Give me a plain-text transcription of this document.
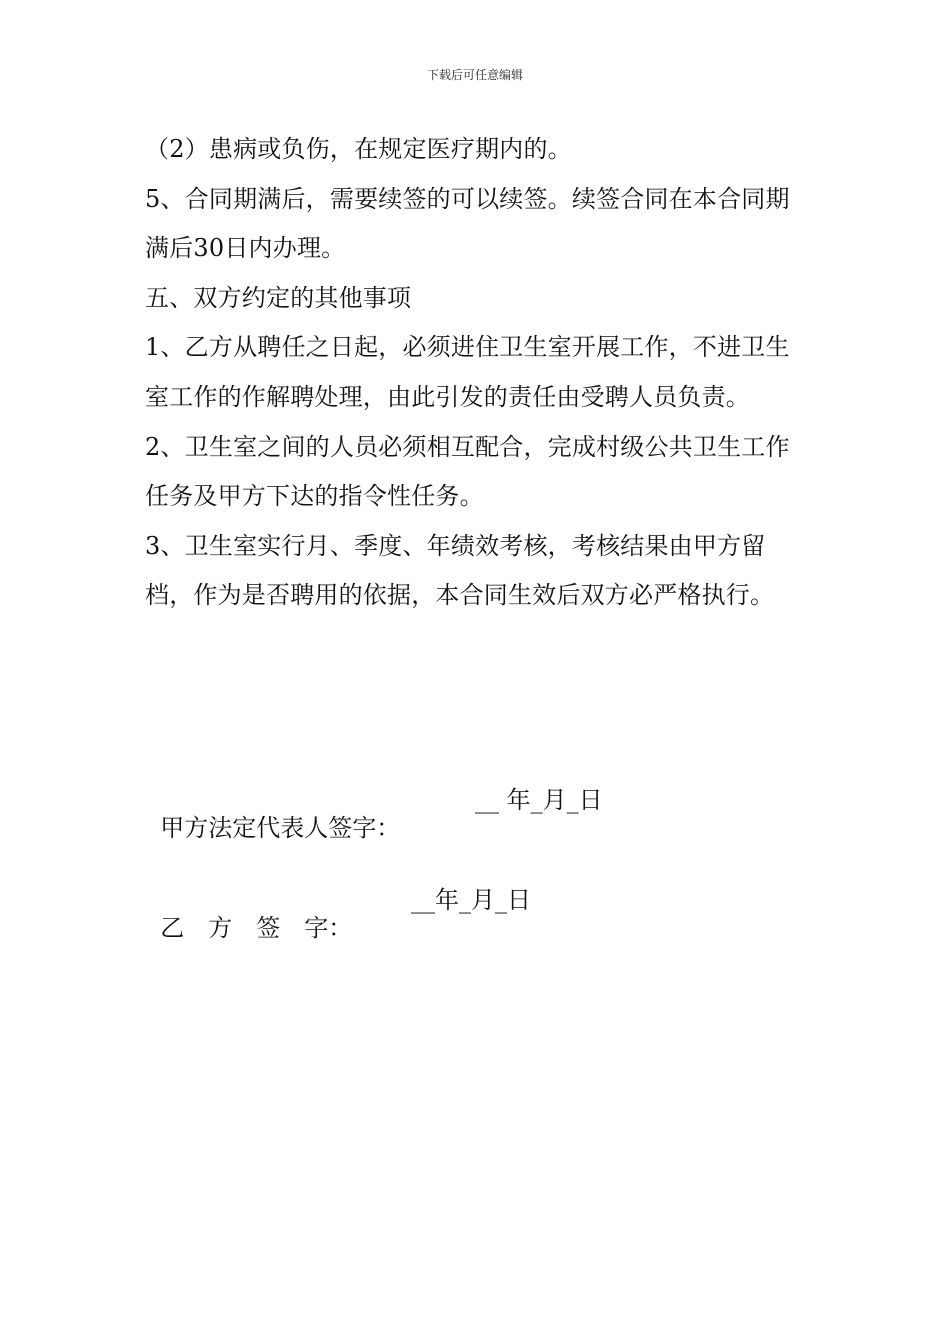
下载后可任意编辑

（2）患病或负伤，在规定医疗期内的。

5、合同期满后，需要续签的可以续签。续签合同在本合同期满后30日内办理。

五、双方约定的其他事项

1、乙方从聘任之日起，必须进住卫生室开展工作，不进卫生室工作的作解聘处理，由此引发的责任由受聘人员负责。

2、卫生室之间的人员必须相互配合，完成村级公共卫生工作任务及甲方下达的指令性任务。

3、卫生室实行月、季度、年绩效考核，考核结果由甲方留档，作为是否聘用的依据，本合同生效后双方必严格执行。

甲方法定代表人签字：

__ 年_月_日

乙　方　签　字：

__年_月_日
